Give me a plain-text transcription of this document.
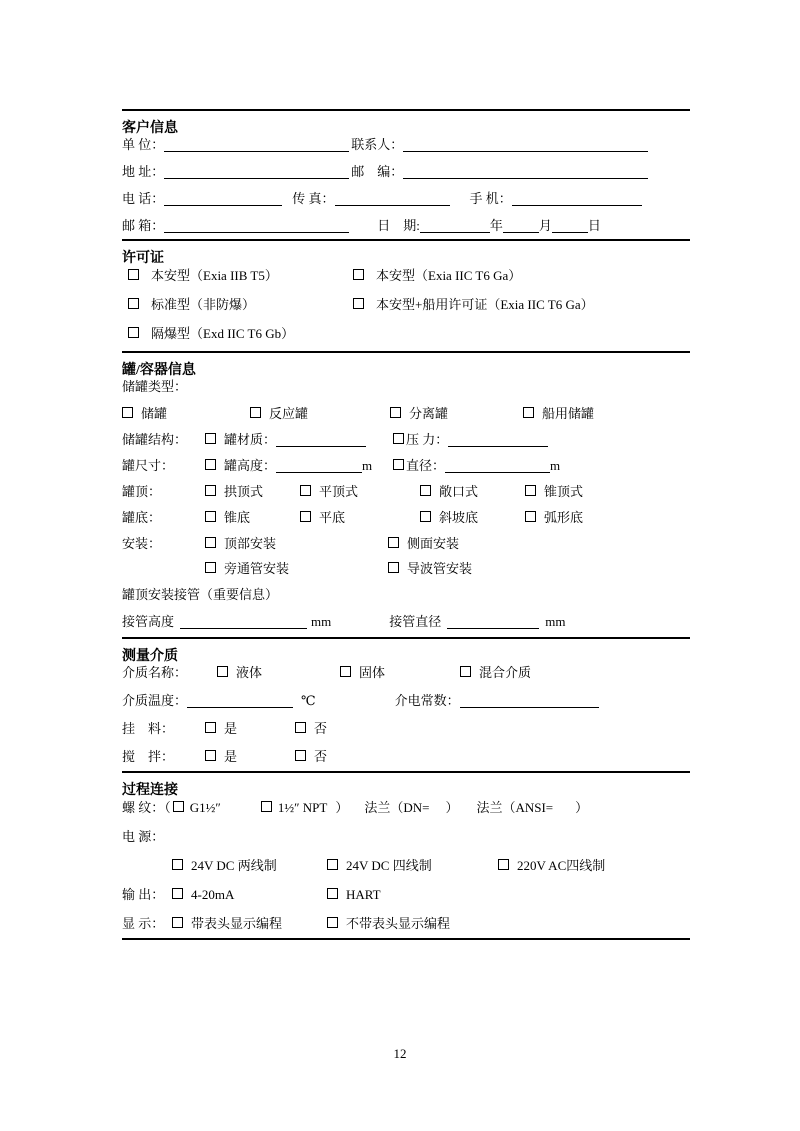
客户信息
单 位：	联系人：
地 址：	邮　编：
电 话：	传 真：	手 机：
邮 箱：	日　期:	年	月	日
许可证
本安型（Exia IIB T5）	本安型（Exia IIC T6 Ga）
标准型（非防爆）	本安型+船用许可证（Exia IIC T6 Ga）
隔爆型（Exd IIC T6 Gb）
罐/容器信息
储罐类型：
储罐	反应罐	分离罐	船用储罐
储罐结构：	罐材质：	压 力：
罐尺寸：	罐高度：	m	直径：	m
罐顶：	拱顶式	平顶式	敞口式	锥顶式
罐底：	锥底	平底	斜坡底	弧形底
安装：	顶部安装	侧面安装
旁通管安装	导波管安装
罐顶安装接管（重要信息）
接管高度	mm	接管直径	mm
测量介质
介质名称：	液体	固体	混合介质
介质温度：	℃	介电常数：
挂　料：	是	否
搅　拌：	是	否
过程连接
螺 纹：（ G1½″	1½″ NPT ） 法兰（DN= ） 法兰（ANSI= ）
电 源：
24V DC 两线制	24V DC 四线制	220V AC四线制
输 出： 4-20mA	HART
显 示： 带表头显示编程	不带表头显示编程
12
